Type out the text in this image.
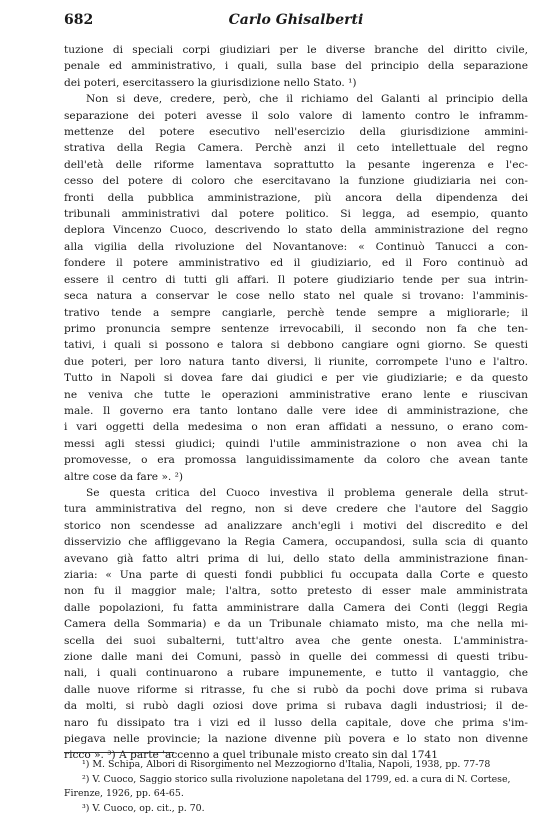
682	Carlo Ghisalberti
tuzione di speciali corpi giudiziari per le diverse branche del diritto civile,
penale ed amministrativo, i quali, sulla base del principio della separazione
dei poteri, esercitassero la giurisdizione nello Stato. ¹)
Non si deve, credere, però, che il richiamo del Galanti al principio della
separazione dei poteri avesse il solo valore di lamento contro le inframm-
mettenze del potere esecutivo nell'esercizio della giurisdizione ammini-
strativa della Regia Camera. Perchè anzi il ceto intellettuale del regno
dell'età delle riforme lamentava soprattutto la pesante ingerenza e l'ec-
cesso del potere di coloro che esercitavano la funzione giudiziaria nei con-
fronti della pubblica amministrazione, più ancora della dipendenza dei
tribunali amministrativi dal potere politico. Si legga, ad esempio, quanto
deplora Vincenzo Cuoco, descrivendo lo stato della amministrazione del regno
alla vigilia della rivoluzione del Novantanove: « Continuò Tanucci a con-
fondere il potere amministrativo ed il giudiziario, ed il Foro continuò ad
essere il centro di tutti gli affari. Il potere giudiziario tende per sua intrin-
seca natura a conservar le cose nello stato nel quale si trovano: l'amminis-
trativo tende a sempre cangiarle, perchè tende sempre a migliorarle; il
primo pronuncia sempre sentenze irrevocabili, il secondo non fa che ten-
tativi, i quali si possono e talora si debbono cangiare ogni giorno. Se questi
due poteri, per loro natura tanto diversi, li riunite, corrompete l'uno e l'altro.
Tutto in Napoli si dovea fare dai giudici e per vie giudiziarie; e da questo
ne veniva che tutte le operazioni amministrative erano lente e riuscivan
male. Il governo era tanto lontano dalle vere idee di amministrazione, che
i vari oggetti della medesima o non eran affidati a nessuno, o erano com-
messi agli stessi giudici; quindi l'utile amministrazione o non avea chi la
promovesse, o era promossa languidissimamente da coloro che avean tante
altre cose da fare ». ²)
Se questa critica del Cuoco investiva il problema generale della strut-
tura amministrativa del regno, non si deve credere che l'autore del Saggio
storico non scendesse ad analizzare anch'egli i motivi del discredito e del
disservizio che affliggevano la Regia Camera, occupandosi, sulla scia di quanto
avevano già fatto altri prima di lui, dello stato della amministrazione finan-
ziaria: « Una parte di questi fondi pubblici fu occupata dalla Corte e questo
non fu il maggior male; l'altra, sotto pretesto di esser male amministrata
dalle popolazioni, fu fatta amministrare dalla Camera dei Conti (leggi Regia
Camera della Sommaria) e da un Tribunale chiamato misto, ma che nella mi-
scella dei suoi subalterni, tutt'altro avea che gente onesta. L'amministra-
zione dalle mani dei Comuni, passò in quelle dei commessi di questi tribu-
nali, i quali continuarono a rubare impunemente, e tutto il vantaggio, che
dalle nuove riforme si ritrasse, fu che si rubò da pochi dove prima si rubava
da molti, si rubò dagli oziosi dove prima si rubava dagli industriosi; il de-
naro fu dissipato tra i vizi ed il lusso della capitale, dove che prima s'im-
piegava nelle provincie; la nazione divenne più povera e lo stato non divenne
ricco ». ³) A parte 'accenno a quel tribunale misto creato sin dal 1741
¹) M. Schipa, Albori di Risorgimento nel Mezzogiorno d'Italia, Napoli, 1938, pp. 77-78
²) V. Cuoco, Saggio storico sulla rivoluzione napoletana del 1799, ed. a cura di N. Cortese,
Firenze, 1926, pp. 64-65.
³) V. Cuoco, op. cit., p. 70.
